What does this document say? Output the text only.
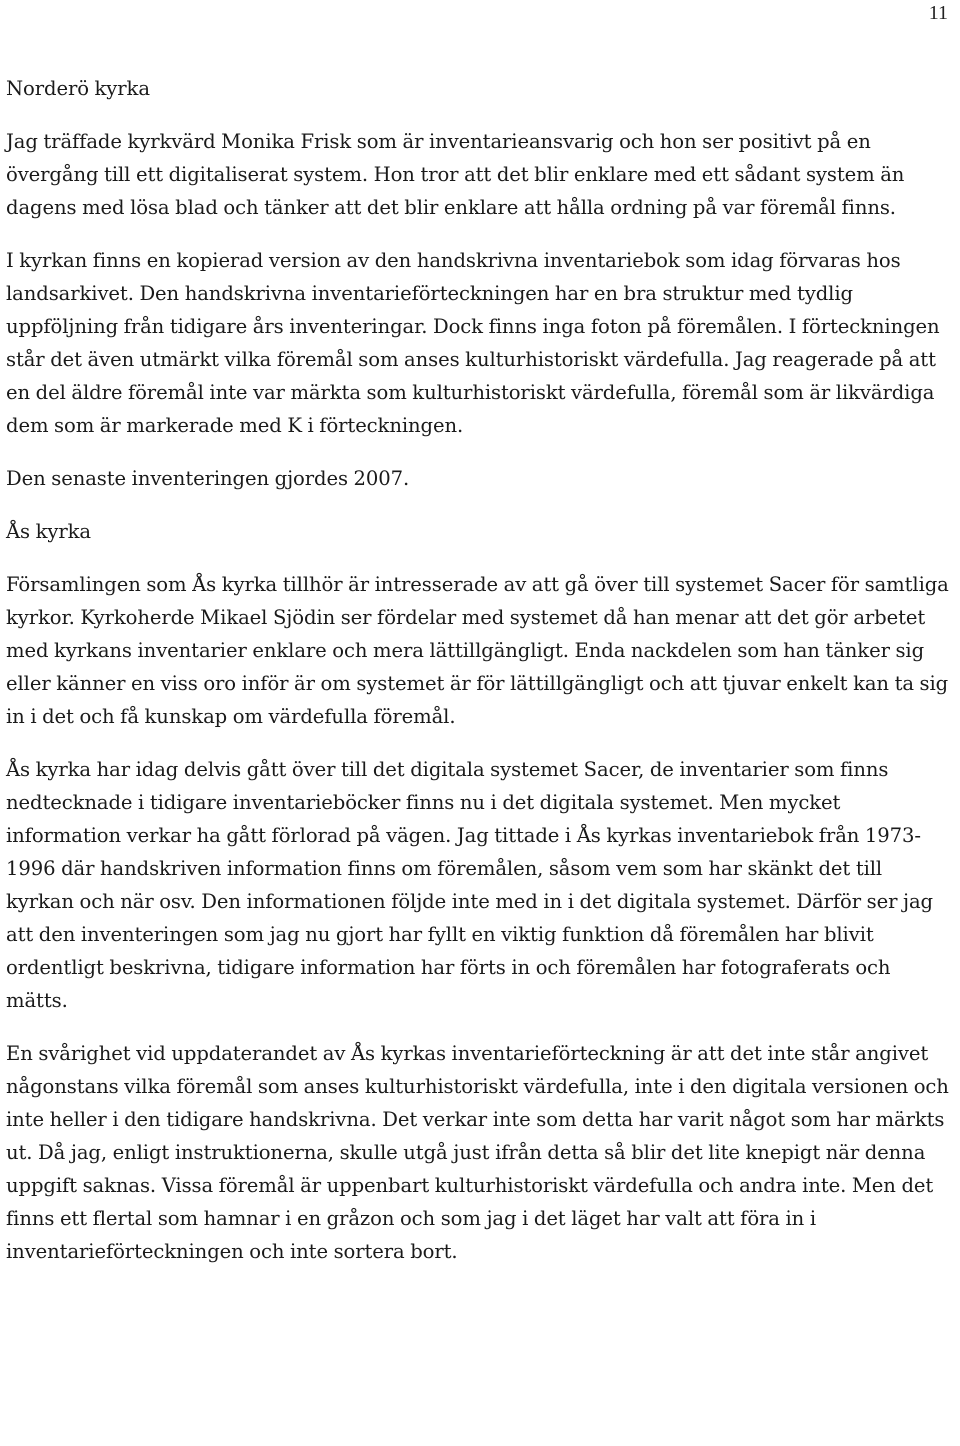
11
Norderö kyrka

Jag träffade kyrkvärd Monika Frisk som är inventarieansvarig och hon ser positivt på en övergång till ett digitaliserat system. Hon tror att det blir enklare med ett sådant system än dagens med lösa blad och tänker att det blir enklare att hålla ordning på var föremål finns.

I kyrkan finns en kopierad version av den handskrivna inventariebok som idag förvaras hos landsarkivet. Den handskrivna inventarieförteckningen har en bra struktur med tydlig uppföljning från tidigare års inventeringar. Dock finns inga foton på föremålen. I förteckningen står det även utmärkt vilka föremål som anses kulturhistoriskt värdefulla. Jag reagerade på att en del äldre föremål inte var märkta som kulturhistoriskt värdefulla, föremål som är likvärdiga dem som är markerade med K i förteckningen.

Den senaste inventeringen gjordes 2007.

Ås kyrka

Församlingen som Ås kyrka tillhör är intresserade av att gå över till systemet Sacer för samtliga kyrkor. Kyrkoherde Mikael Sjödin ser fördelar med systemet då han menar att det gör arbetet med kyrkans inventarier enklare och mera lättillgängligt. Enda nackdelen som han tänker sig eller känner en viss oro inför är om systemet är för lättillgängligt och att tjuvar enkelt kan ta sig in i det och få kunskap om värdefulla föremål.

Ås kyrka har idag delvis gått över till det digitala systemet Sacer, de inventarier som finns nedtecknade i tidigare inventarieböcker finns nu i det digitala systemet. Men mycket information verkar ha gått förlorad på vägen. Jag tittade i Ås kyrkas inventariebok från 1973- 1996 där handskriven information finns om föremålen, såsom vem som har skänkt det till kyrkan och när osv. Den informationen följde inte med in i det digitala systemet. Därför ser jag att den inventeringen som jag nu gjort har fyllt en viktig funktion då föremålen har blivit ordentligt beskrivna, tidigare information har förts in och föremålen har fotograferats och mätts.

En svårighet vid uppdaterandet av Ås kyrkas inventarieförteckning är att det inte står angivet någonstans vilka föremål som anses kulturhistoriskt värdefulla, inte i den digitala versionen och inte heller i den tidigare handskrivna. Det verkar inte som detta har varit något som har märkts ut. Då jag, enligt instruktionerna, skulle utgå just ifrån detta så blir det lite knepigt när denna uppgift saknas. Vissa föremål är uppenbart kulturhistoriskt värdefulla och andra inte. Men det finns ett flertal som hamnar i en gråzon och som jag i det läget har valt att föra in i inventarieförteckningen och inte sortera bort.
